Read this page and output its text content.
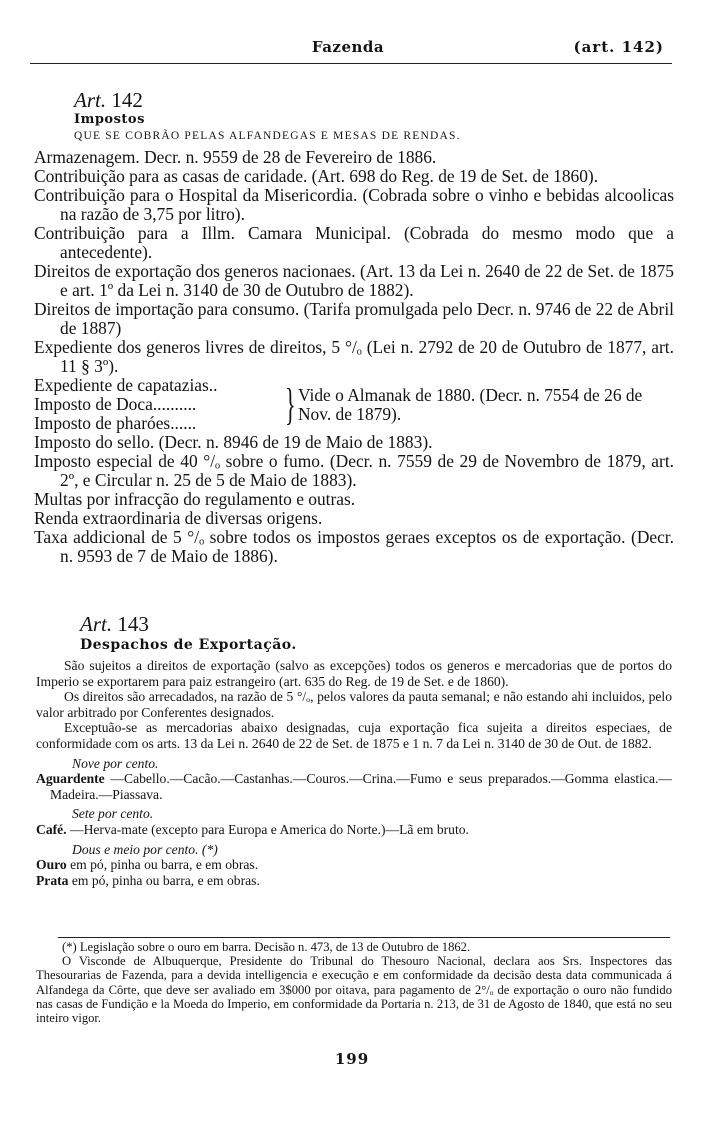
Fazenda	(art. 142)
Art. 142
Impostos
QUE SE COBRÃO PELAS ALFANDEGAS E MESAS DE RENDAS.
Armazenagem. Decr. n. 9559 de 28 de Fevereiro de 1886.
Contribuição para as casas de caridade. (Art. 698 do Reg. de 19 de Set. de 1860).
Contribuição para o Hospital da Misericordia. (Cobrada sobre o vinho e bebidas alcoolicas na razão de 3,75 por litro).
Contribuição para a Illm. Camara Municipal. (Cobrada do mesmo modo que a antecedente).
Direitos de exportação dos generos nacionaes. (Art. 13 da Lei n. 2640 de 22 de Set. de 1875 e art. 1º da Lei n. 3140 de 30 de Outubro de 1882).
Direitos de importação para consumo. (Tarifa promulgada pelo Decr. n. 9746 de 22 de Abril de 1887)
Expediente dos generos livres de direitos, 5 °/ₒ (Lei n. 2792 de 20 de Outubro de 1877, art. 11 § 3º).
Expediente de capatazias..
Imposto de Doca..........
Imposto de pharóes......	} Vide o Almanak de 1880. (Decr. n. 7554 de 26 de Nov. de 1879).
Imposto do sello. (Decr. n. 8946 de 19 de Maio de 1883).
Imposto especial de 40 °/ₒ sobre o fumo. (Decr. n. 7559 de 29 de Novembro de 1879, art. 2º, e Circular n. 25 de 5 de Maio de 1883).
Multas por infracção do regulamento e outras.
Renda extraordinaria de diversas origens.
Taxa addicional de 5 °/ₒ sobre todos os impostos geraes exceptos os de exportação. (Decr. n. 9593 de 7 de Maio de 1886).
Art. 143
Despachos de Exportação.

São sujeitos a direitos de exportação (salvo as excepções) todos os generos e mercadorias que de portos do Imperio se exportarem para paiz estrangeiro (art. 635 do Reg. de 19 de Set. e de 1860).

Os direitos são arrecadados, na razão de 5 °/ₒ, pelos valores da pauta semanal; e não estando ahi incluidos, pelo valor arbitrado por Conferentes designados.

Exceptuão-se as mercadorias abaixo designadas, cuja exportação fica sujeita a direitos especiaes, de conformidade com os arts. 13 da Lei n. 2640 de 22 de Set. de 1875 e 1 n. 7 da Lei n. 3140 de 30 de Out. de 1882.

Nove por cento.
Aguardente —Cabello.—Cacão.—Castanhas.—Couros.—Crina.—Fumo e seus preparados.—Gomma elastica.—Madeira.—Piassava.
Sete por cento.
Café. —Herva-mate (excepto para Europa e America do Norte.)—Lã em bruto.
Dous e meio por cento. (*)
Ouro em pó, pinha ou barra, e em obras.
Prata em pó, pinha ou barra, e em obras.

(*) Legislação sobre o ouro em barra. Decisão n. 473, de 13 de Outubro de 1862.

O Visconde de Albuquerque, Presidente do Tribunal do Thesouro Nacional, declara aos Srs. Inspectores das Thesourarias de Fazenda, para a devida intelligencia e execução e em conformidade da decisão desta data communicada á Alfandega da Côrte, que deve ser avaliado em 3$000 por oitava, para pagamento de 2°/ₒ de exportação o ouro não fundido nas casas de Fundição e la Moeda do Imperio, em conformidade da Portaria n. 213, de 31 de Agosto de 1840, que está no seu inteiro vigor.

199
